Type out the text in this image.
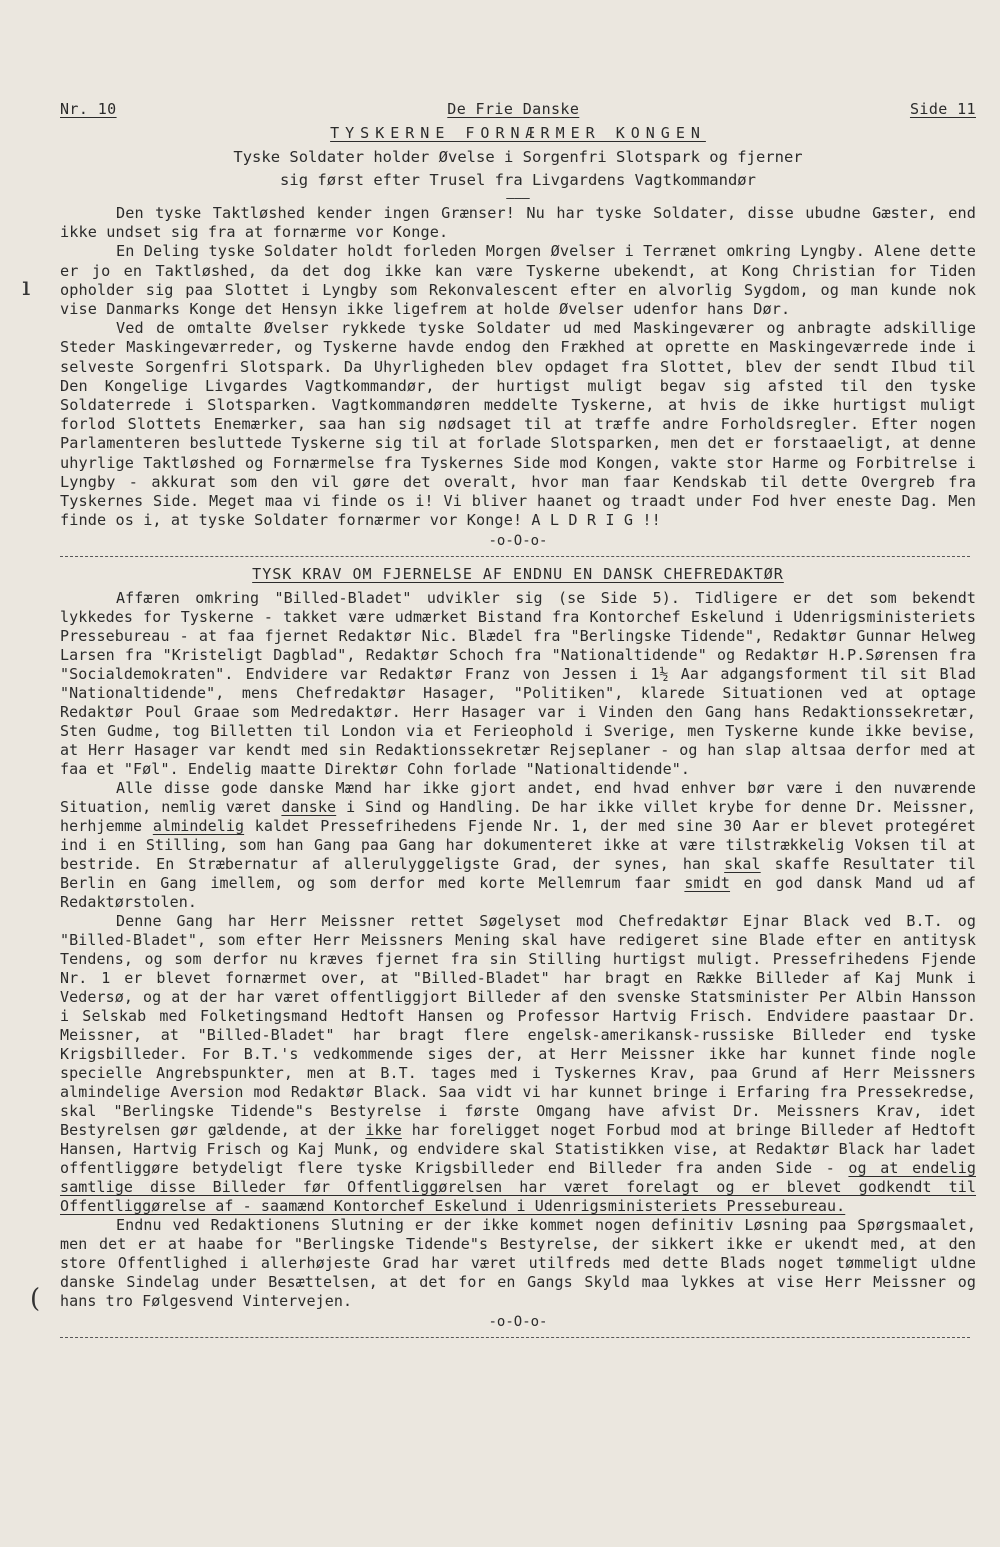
ı
(
Nr. 10	De Frie Danske	Side 11
TYSKERNE FORNÆRMER KONGEN
Tyske Soldater holder Øvelse i Sorgenfri Slotspark og fjerner
sig først efter Trusel fra Livgardens Vagtkommandør
———

Den tyske Taktløshed kender ingen Grænser! Nu har tyske Soldater, disse ubudne Gæster, end ikke undset sig fra at fornærme vor Konge.

En Deling tyske Soldater holdt forleden Morgen Øvelser i Terrænet omkring Lyngby. Alene dette er jo en Taktløshed, da det dog ikke kan være Tyskerne ubekendt, at Kong Christian for Tiden opholder sig paa Slottet i Lyngby som Rekonvalescent efter en alvorlig Sygdom, og man kunde nok vise Danmarks Konge det Hensyn ikke ligefrem at holde Øvelser udenfor hans Dør.

Ved de omtalte Øvelser rykkede tyske Soldater ud med Maskingeværer og anbragte adskillige Steder Maskingeværreder, og Tyskerne havde endog den Frækhed at oprette en Maskingeværrede inde i selveste Sorgenfri Slotspark. Da Uhyrligheden blev opdaget fra Slottet, blev der sendt Ilbud til Den Kongelige Livgardes Vagtkommandør, der hurtigst muligt begav sig afsted til den tyske Soldaterrede i Slotsparken. Vagtkommandøren meddelte Tyskerne, at hvis de ikke hurtigst muligt forlod Slottets Enemærker, saa han sig nødsaget til at træffe andre Forholdsregler. Efter nogen Parlamenteren besluttede Tyskerne sig til at forlade Slotsparken, men det er forstaaeligt, at denne uhyrlige Taktløshed og Fornærmelse fra Tyskernes Side mod Kongen, vakte stor Harme og Forbitrelse i Lyngby - akkurat som den vil gøre det overalt, hvor man faar Kendskab til dette Overgreb fra Tyskernes Side. Meget maa vi finde os i! Vi bliver haanet og traadt under Fod hver eneste Dag. Men finde os i, at tyske Soldater fornærmer vor Konge! A L D R I G !!

-o-O-o-
TYSK KRAV OM FJERNELSE AF ENDNU EN DANSK CHEFREDAKTØR

Affæren omkring "Billed-Bladet" udvikler sig (se Side 5). Tidligere er det som bekendt lykkedes for Tyskerne - takket være udmærket Bistand fra Kontorchef Eskelund i Udenrigsministeriets Pressebureau - at faa fjernet Redaktør Nic. Blædel fra "Berlingske Tidende", Redaktør Gunnar Helweg Larsen fra "Kristeligt Dagblad", Redaktør Schoch fra "Nationaltidende" og Redaktør H.P.Sørensen fra "Socialdemokraten". Endvidere var Redaktør Franz von Jessen i 1½ Aar adgangsforment til sit Blad "Nationaltidende", mens Chefredaktør Hasager, "Politiken", klarede Situationen ved at optage Redaktør Poul Graae som Medredaktør. Herr Hasager var i Vinden den Gang hans Redaktionssekretær, Sten Gudme, tog Billetten til London via et Ferieophold i Sverige, men Tyskerne kunde ikke bevise, at Herr Hasager var kendt med sin Redaktionssekretær Rejseplaner - og han slap altsaa derfor med at faa et "Føl". Endelig maatte Direktør Cohn forlade "Nationaltidende".

Alle disse gode danske Mænd har ikke gjort andet, end hvad enhver bør være i den nuværende Situation, nemlig været danske i Sind og Handling. De har ikke villet krybe for denne Dr. Meissner, herhjemme almindelig kaldet Pressefrihedens Fjende Nr. 1, der med sine 30 Aar er blevet protegéret ind i en Stilling, som han Gang paa Gang har dokumenteret ikke at være tilstrækkelig Voksen til at bestride. En Stræbernatur af allerulyggeligste Grad, der synes, han skal skaffe Resultater til Berlin en Gang imellem, og som derfor med korte Mellemrum faar smidt en god dansk Mand ud af Redaktørstolen.

Denne Gang har Herr Meissner rettet Søgelyset mod Chefredaktør Ejnar Black ved B.T. og "Billed-Bladet", som efter Herr Meissners Mening skal have redigeret sine Blade efter en antitysk Tendens, og som derfor nu kræves fjernet fra sin Stilling hurtigst muligt. Pressefrihedens Fjende Nr. 1 er blevet fornærmet over, at "Billed-Bladet" har bragt en Række Billeder af Kaj Munk i Vedersø, og at der har været offentliggjort Billeder af den svenske Statsminister Per Albin Hansson i Selskab med Folketingsmand Hedtoft Hansen og Professor Hartvig Frisch. Endvidere paastaar Dr. Meissner, at "Billed-Bladet" har bragt flere engelsk-amerikansk-russiske Billeder end tyske Krigsbilleder. For B.T.'s vedkommende siges der, at Herr Meissner ikke har kunnet finde nogle specielle Angrebspunkter, men at B.T. tages med i Tyskernes Krav, paa Grund af Herr Meissners almindelige Aversion mod Redaktør Black. Saa vidt vi har kunnet bringe i Erfaring fra Pressekredse, skal "Berlingske Tidende"s Bestyrelse i første Omgang have afvist Dr. Meissners Krav, idet Bestyrelsen gør gældende, at der ikke har foreligget noget Forbud mod at bringe Billeder af Hedtoft Hansen, Hartvig Frisch og Kaj Munk, og endvidere skal Statistikken vise, at Redaktør Black har ladet offentliggøre betydeligt flere tyske Krigsbilleder end Billeder fra anden Side - og at endelig samtlige disse Billeder før Offentliggørelsen har været forelagt og er blevet godkendt til Offentliggørelse af - saamænd Kontorchef Eskelund i Udenrigsministeriets Pressebureau.

Endnu ved Redaktionens Slutning er der ikke kommet nogen definitiv Løsning paa Spørgsmaalet, men det er at haabe for "Berlingske Tidende"s Bestyrelse, der sikkert ikke er ukendt med, at den store Offentlighed i allerhøjeste Grad har været utilfreds med dette Blads noget tømmeligt uldne danske Sindelag under Besættelsen, at det for en Gangs Skyld maa lykkes at vise Herr Meissner og hans tro Følgesvend Vintervejen.

-o-O-o-
